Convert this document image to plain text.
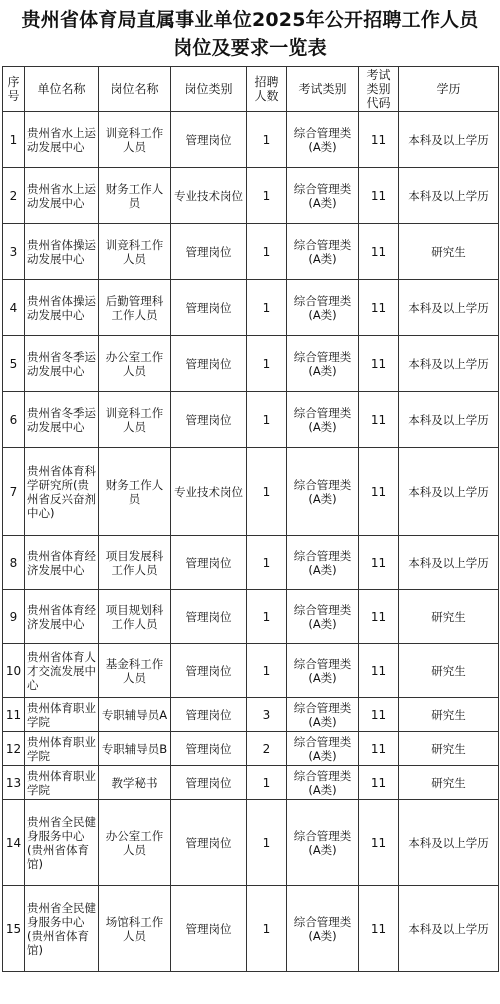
贵州省体育局直属事业单位2025年公开招聘工作人员
岗位及要求一览表
序号	单位名称	岗位名称	岗位类别	招聘人数	考试类别	考试类别代码	学历
1	贵州省水上运动发展中心	训竞科工作人员	管理岗位	1	综合管理类(A类)	11	本科及以上学历
2	贵州省水上运动发展中心	财务工作人员	专业技术岗位	1	综合管理类(A类)	11	本科及以上学历
3	贵州省体操运动发展中心	训竞科工作人员	管理岗位	1	综合管理类(A类)	11	研究生
4	贵州省体操运动发展中心	后勤管理科工作人员	管理岗位	1	综合管理类(A类)	11	本科及以上学历
5	贵州省冬季运动发展中心	办公室工作人员	管理岗位	1	综合管理类(A类)	11	本科及以上学历
6	贵州省冬季运动发展中心	训竞科工作人员	管理岗位	1	综合管理类(A类)	11	本科及以上学历
7	贵州省体育科学研究所(贵州省反兴奋剂中心)	财务工作人员	专业技术岗位	1	综合管理类(A类)	11	本科及以上学历
8	贵州省体育经济发展中心	项目发展科工作人员	管理岗位	1	综合管理类(A类)	11	本科及以上学历
9	贵州省体育经济发展中心	项目规划科工作人员	管理岗位	1	综合管理类(A类)	11	研究生
10	贵州省体育人才交流发展中心	基金科工作人员	管理岗位	1	综合管理类(A类)	11	研究生
11	贵州体育职业学院	专职辅导员A	管理岗位	3	综合管理类(A类)	11	研究生
12	贵州体育职业学院	专职辅导员B	管理岗位	2	综合管理类(A类)	11	研究生
13	贵州体育职业学院	教学秘书	管理岗位	1	综合管理类(A类)	11	研究生
14	贵州省全民健身服务中心(贵州省体育馆)	办公室工作人员	管理岗位	1	综合管理类(A类)	11	本科及以上学历
15	贵州省全民健身服务中心(贵州省体育馆)	场馆科工作人员	管理岗位	1	综合管理类(A类)	11	本科及以上学历
